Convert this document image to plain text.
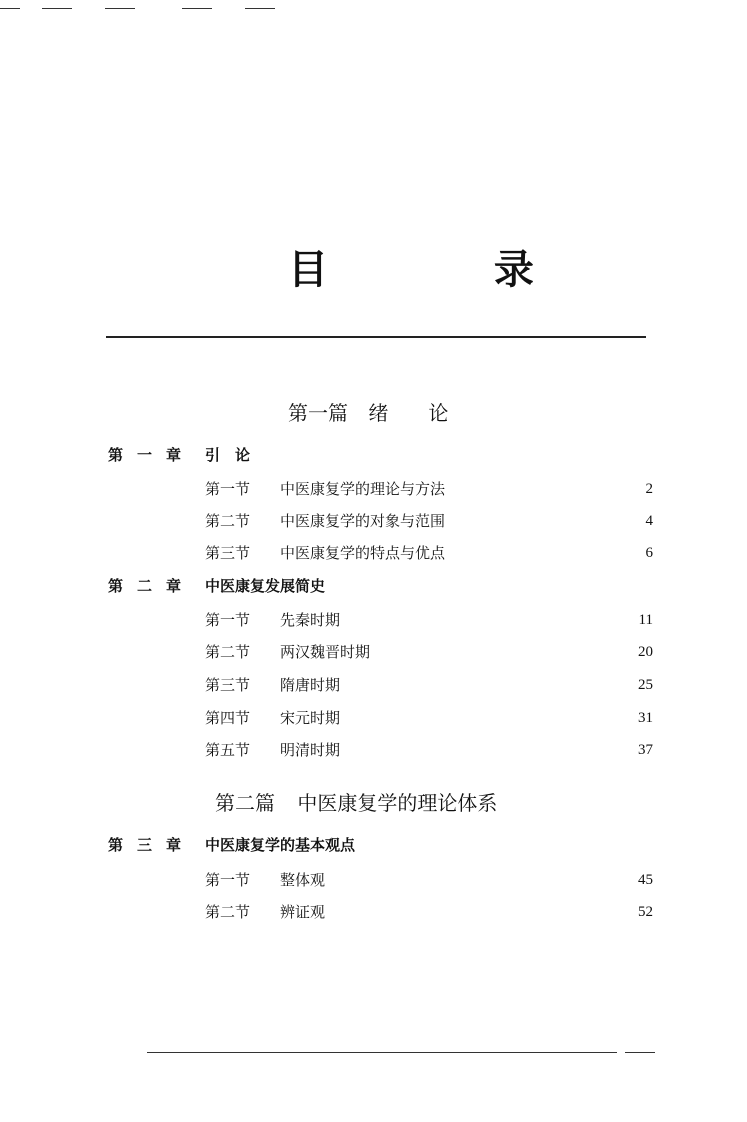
目 录
第一篇 绪　　论
第一章 引　论
第一节 中医康复学的理论与方法	2
第二节 中医康复学的对象与范围	4
第三节 中医康复学的特点与优点	6
第二章 中医康复发展简史
第一节 先秦时期	11
第二节 两汉魏晋时期	20
第三节 隋唐时期	25
第四节 宋元时期	31
第五节 明清时期	37
第二篇 中医康复学的理论体系
第三章 中医康复学的基本观点
第一节 整体观	45
第二节 辨证观	52
